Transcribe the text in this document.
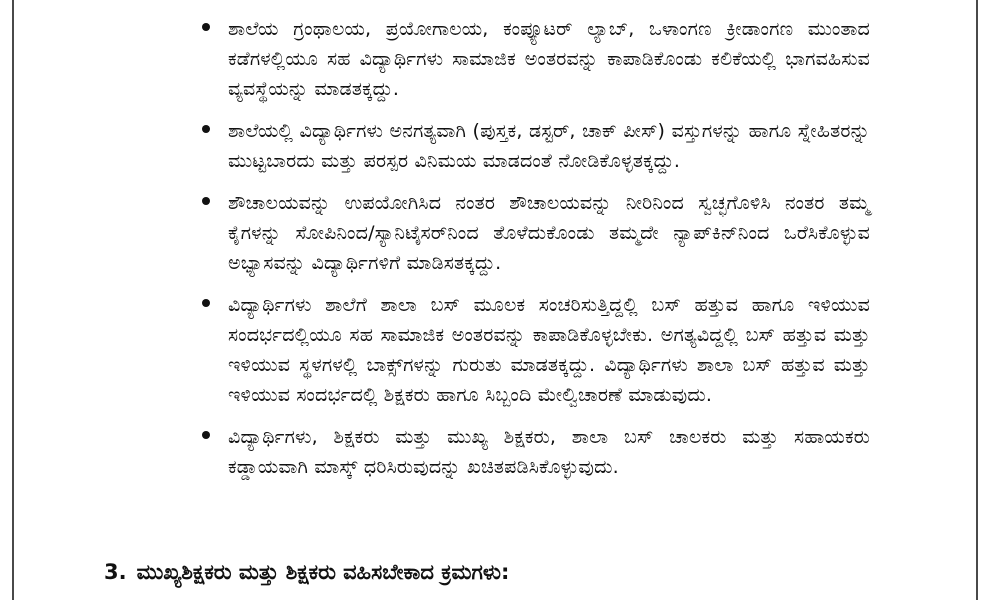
ಶಾಲೆಯ ಗ್ರಂಥಾಲಯ, ಪ್ರಯೋಗಾಲಯ, ಕಂಪ್ಯೂಟರ್ ಲ್ಯಾಬ್, ಒಳಾಂಗಣ ಕ್ರೀಡಾಂಗಣ ಮುಂತಾದ ಕಡೆಗಳಲ್ಲಿಯೂ ಸಹ ವಿದ್ಯಾರ್ಥಿಗಳು ಸಾಮಾಜಿಕ ಅಂತರವನ್ನು ಕಾಪಾಡಿಕೊಂಡು ಕಲಿಕೆಯಲ್ಲಿ ಭಾಗವಹಿಸುವ ವ್ಯವಸ್ಥೆಯನ್ನು ಮಾಡತಕ್ಕದ್ದು.
ಶಾಲೆಯಲ್ಲಿ ವಿದ್ಯಾರ್ಥಿಗಳು ಅನಗತ್ಯವಾಗಿ (ಪುಸ್ತಕ, ಡಸ್ಟರ್, ಚಾಕ್ ಪೀಸ್) ವಸ್ತುಗಳನ್ನು ಹಾಗೂ ಸ್ನೇಹಿತರನ್ನು ಮುಟ್ಟಬಾರದು ಮತ್ತು ಪರಸ್ಪರ ವಿನಿಮಯ ಮಾಡದಂತೆ ನೋಡಿಕೊಳ್ಳತಕ್ಕದ್ದು.
ಶೌಚಾಲಯವನ್ನು ಉಪಯೋಗಿಸಿದ ನಂತರ ಶೌಚಾಲಯವನ್ನು ನೀರಿನಿಂದ ಸ್ವಚ್ಛಗೊಳಿಸಿ ನಂತರ ತಮ್ಮ ಕೈಗಳನ್ನು ಸೋಪಿನಿಂದ/ಸ್ಯಾನಿಟೈಸರ್‌ನಿಂದ ತೊಳೆದುಕೊಂಡು ತಮ್ಮದೇ ನ್ಯಾಪ್‌ಕಿನ್‌ನಿಂದ ಒರೆಸಿಕೊಳ್ಳುವ ಅಭ್ಯಾಸವನ್ನು ವಿದ್ಯಾರ್ಥಿಗಳಿಗೆ ಮಾಡಿಸತಕ್ಕದ್ದು.
ವಿದ್ಯಾರ್ಥಿಗಳು ಶಾಲೆಗೆ ಶಾಲಾ ಬಸ್ ಮೂಲಕ ಸಂಚರಿಸುತ್ತಿದ್ದಲ್ಲಿ ಬಸ್ ಹತ್ತುವ ಹಾಗೂ ಇಳಿಯುವ ಸಂದರ್ಭದಲ್ಲಿಯೂ ಸಹ ಸಾಮಾಜಿಕ ಅಂತರವನ್ನು ಕಾಪಾಡಿಕೊಳ್ಳಬೇಕು. ಅಗತ್ಯವಿದ್ದಲ್ಲಿ ಬಸ್ ಹತ್ತುವ ಮತ್ತು ಇಳಿಯುವ ಸ್ಥಳಗಳಲ್ಲಿ ಬಾಕ್ಸ್‌ಗಳನ್ನು ಗುರುತು ಮಾಡತಕ್ಕದ್ದು. ವಿದ್ಯಾರ್ಥಿಗಳು ಶಾಲಾ ಬಸ್ ಹತ್ತುವ ಮತ್ತು ಇಳಿಯುವ ಸಂದರ್ಭದಲ್ಲಿ ಶಿಕ್ಷಕರು ಹಾಗೂ ಸಿಬ್ಬಂದಿ ಮೇಲ್ವಿಚಾರಣೆ ಮಾಡುವುದು.
ವಿದ್ಯಾರ್ಥಿಗಳು, ಶಿಕ್ಷಕರು ಮತ್ತು ಮುಖ್ಯ ಶಿಕ್ಷಕರು, ಶಾಲಾ ಬಸ್ ಚಾಲಕರು ಮತ್ತು ಸಹಾಯಕರು ಕಡ್ಡಾಯವಾಗಿ ಮಾಸ್ಕ್ ಧರಿಸಿರುವುದನ್ನು ಖಚಿತಪಡಿಸಿಕೊಳ್ಳುವುದು.
3. ಮುಖ್ಯಶಿಕ್ಷಕರು ಮತ್ತು ಶಿಕ್ಷಕರು ವಹಿಸಬೇಕಾದ ಕ್ರಮಗಳು:
